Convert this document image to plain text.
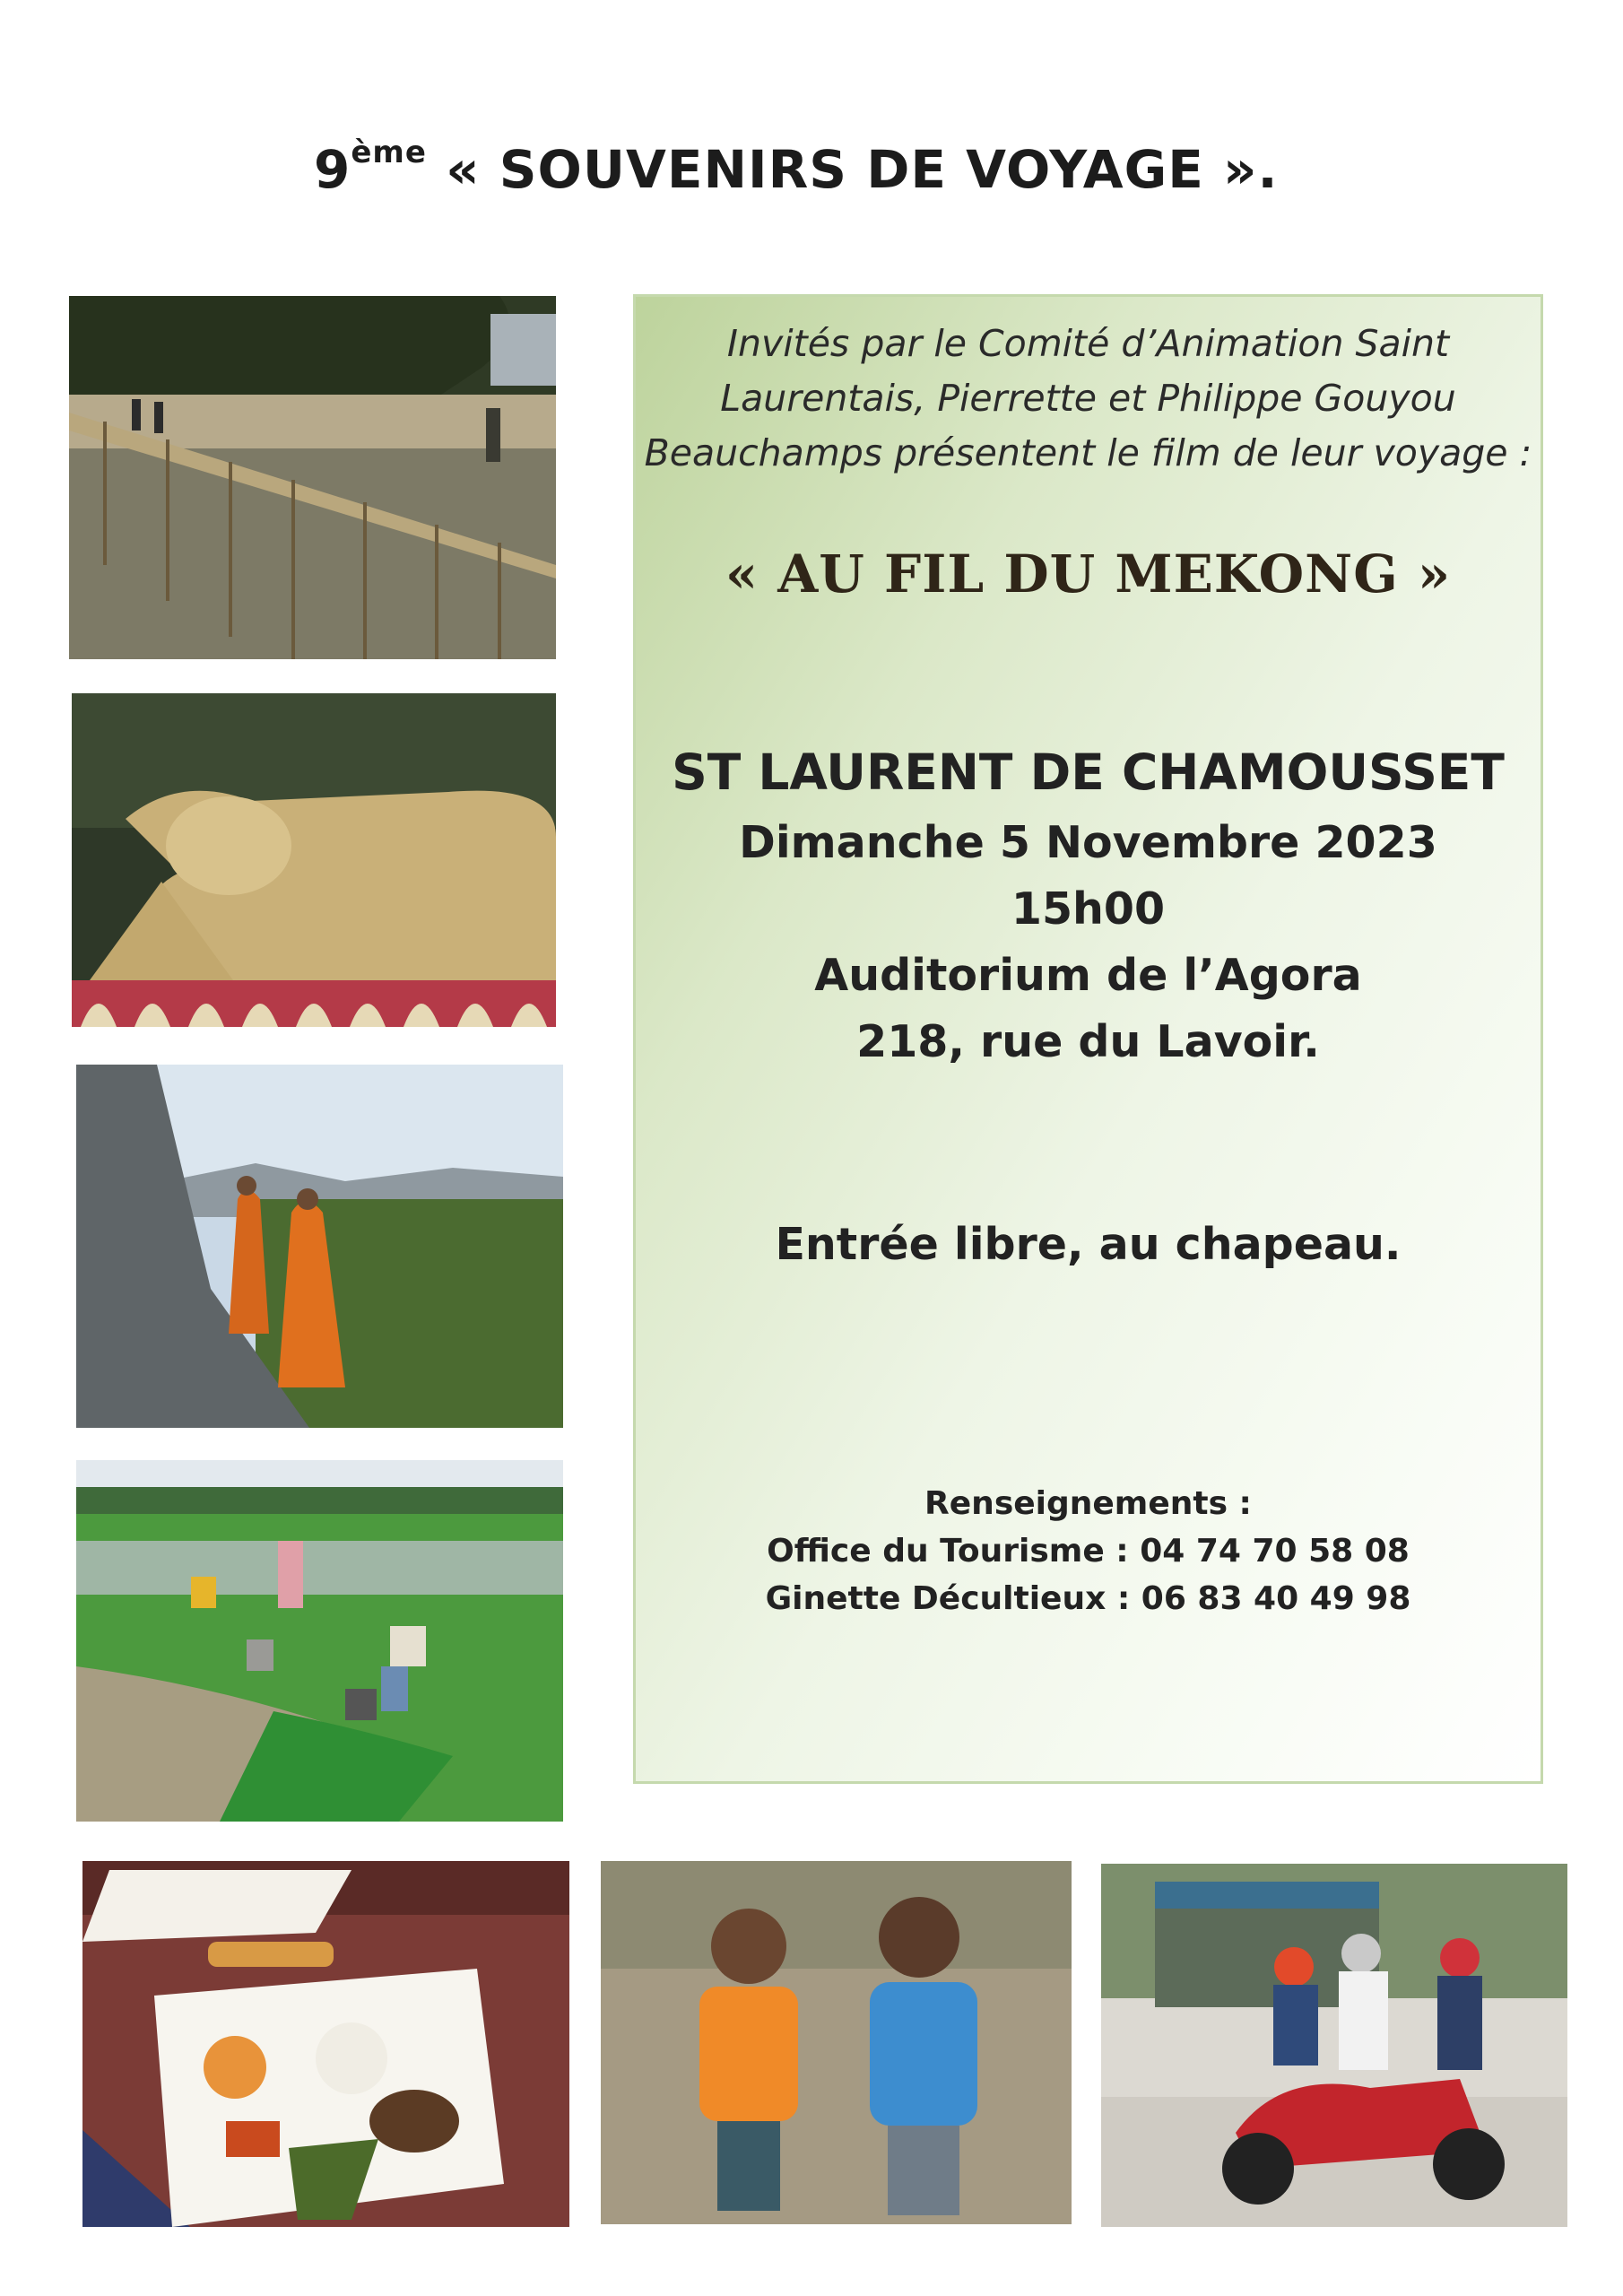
9ème « SOUVENIRS DE VOYAGE ».
Invités par le Comité d’Animation Saint
Laurentais, Pierrette et Philippe Gouyou
Beauchamps présentent le film de leur voyage :
« AU FIL DU MEKONG »
ST LAURENT DE CHAMOUSSET
Dimanche 5 Novembre 2023
15h00
Auditorium de l’Agora
218, rue du Lavoir.
Entrée libre, au chapeau.
Renseignements :
Office du Tourisme : 04 74 70 58 08
Ginette Décultieux : 06 83 40 49 98
